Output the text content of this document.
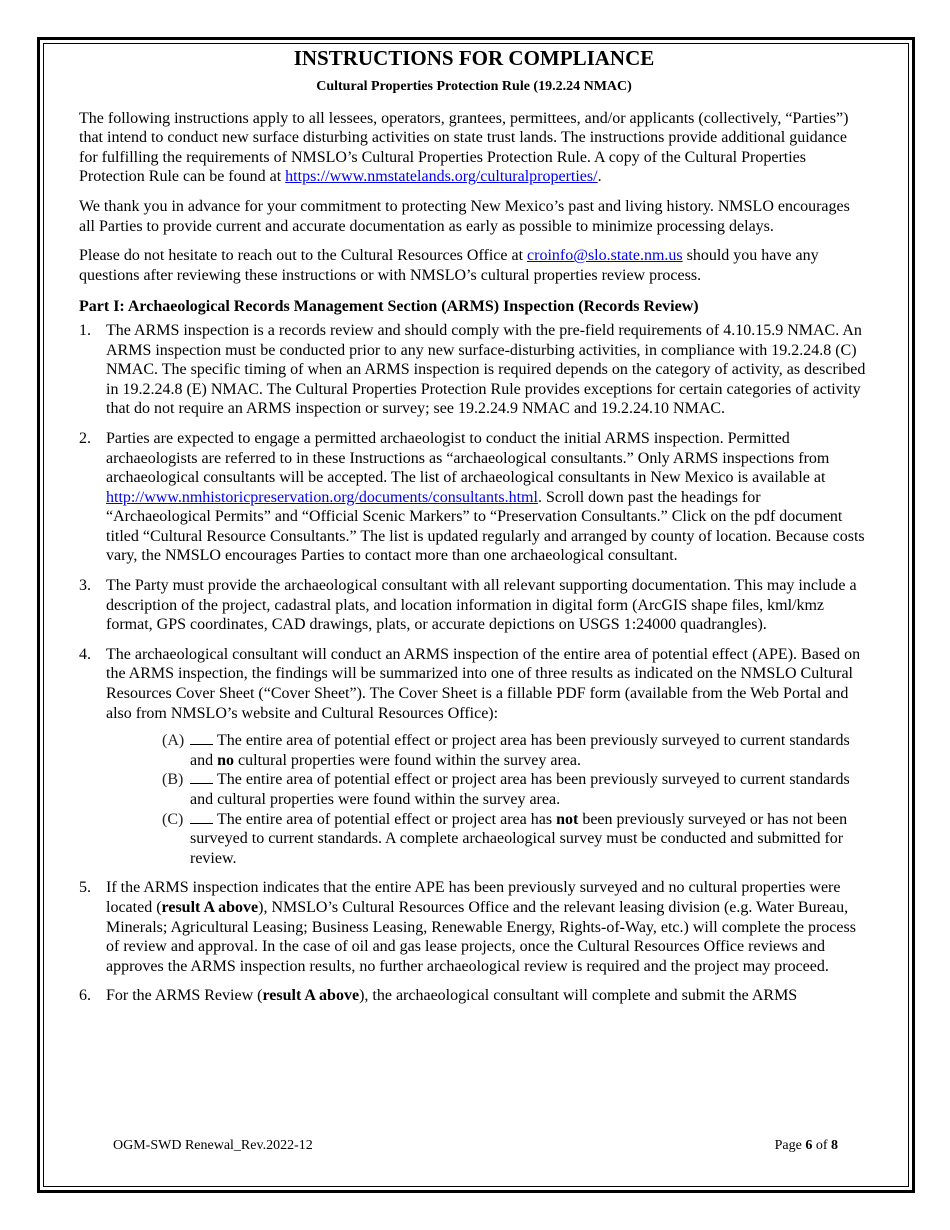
INSTRUCTIONS FOR COMPLIANCE
Cultural Properties Protection Rule (19.2.24 NMAC)

The following instructions apply to all lessees, operators, grantees, permittees, and/or applicants (collectively, “Parties”) that intend to conduct new surface disturbing activities on state trust lands. The instructions provide additional guidance for fulfilling the requirements of NMSLO’s Cultural Properties Protection Rule. A copy of the Cultural Properties Protection Rule can be found at https://www.nmstatelands.org/culturalproperties/.

We thank you in advance for your commitment to protecting New Mexico’s past and living history. NMSLO encourages all Parties to provide current and accurate documentation as early as possible to minimize processing delays.

Please do not hesitate to reach out to the Cultural Resources Office at croinfo@slo.state.nm.us should you have any questions after reviewing these instructions or with NMSLO’s cultural properties review process.

Part I: Archaeological Records Management Section (ARMS) Inspection (Records Review)
1. The ARMS inspection is a records review and should comply with the pre-field requirements of 4.10.15.9 NMAC. An ARMS inspection must be conducted prior to any new surface-disturbing activities, in compliance with 19.2.24.8 (C) NMAC. The specific timing of when an ARMS inspection is required depends on the category of activity, as described in 19.2.24.8 (E) NMAC. The Cultural Properties Protection Rule provides exceptions for certain categories of activity that do not require an ARMS inspection or survey; see 19.2.24.9 NMAC and 19.2.24.10 NMAC.
2. Parties are expected to engage a permitted archaeologist to conduct the initial ARMS inspection. Permitted archaeologists are referred to in these Instructions as “archaeological consultants.” Only ARMS inspections from archaeological consultants will be accepted. The list of archaeological consultants in New Mexico is available at http://www.nmhistoricpreservation.org/documents/consultants.html. Scroll down past the headings for “Archaeological Permits” and “Official Scenic Markers” to “Preservation Consultants.” Click on the pdf document titled “Cultural Resource Consultants.” The list is updated regularly and arranged by county of location. Because costs vary, the NMSLO encourages Parties to contact more than one archaeological consultant.
3. The Party must provide the archaeological consultant with all relevant supporting documentation. This may include a description of the project, cadastral plats, and location information in digital form (ArcGIS shape files, kml/kmz format, GPS coordinates, CAD drawings, plats, or accurate depictions on USGS 1:24000 quadrangles).
4. The archaeological consultant will conduct an ARMS inspection of the entire area of potential effect (APE). Based on the ARMS inspection, the findings will be summarized into one of three results as indicated on the NMSLO Cultural Resources Cover Sheet (“Cover Sheet”). The Cover Sheet is a fillable PDF form (available from the Web Portal and also from NMSLO’s website and Cultural Resources Office):
(A) The entire area of potential effect or project area has been previously surveyed to current standards and no cultural properties were found within the survey area.
(B) The entire area of potential effect or project area has been previously surveyed to current standards and cultural properties were found within the survey area.
(C) The entire area of potential effect or project area has not been previously surveyed or has not been surveyed to current standards. A complete archaeological survey must be conducted and submitted for review.
5. If the ARMS inspection indicates that the entire APE has been previously surveyed and no cultural properties were located (result A above), NMSLO’s Cultural Resources Office and the relevant leasing division (e.g. Water Bureau, Minerals; Agricultural Leasing; Business Leasing, Renewable Energy, Rights-of-Way, etc.) will complete the process of review and approval. In the case of oil and gas lease projects, once the Cultural Resources Office reviews and approves the ARMS inspection results, no further archaeological review is required and the project may proceed.
6. For the ARMS Review (result A above), the archaeological consultant will complete and submit the ARMS
OGM-SWD Renewal_Rev.2022-12	Page 6 of 8
